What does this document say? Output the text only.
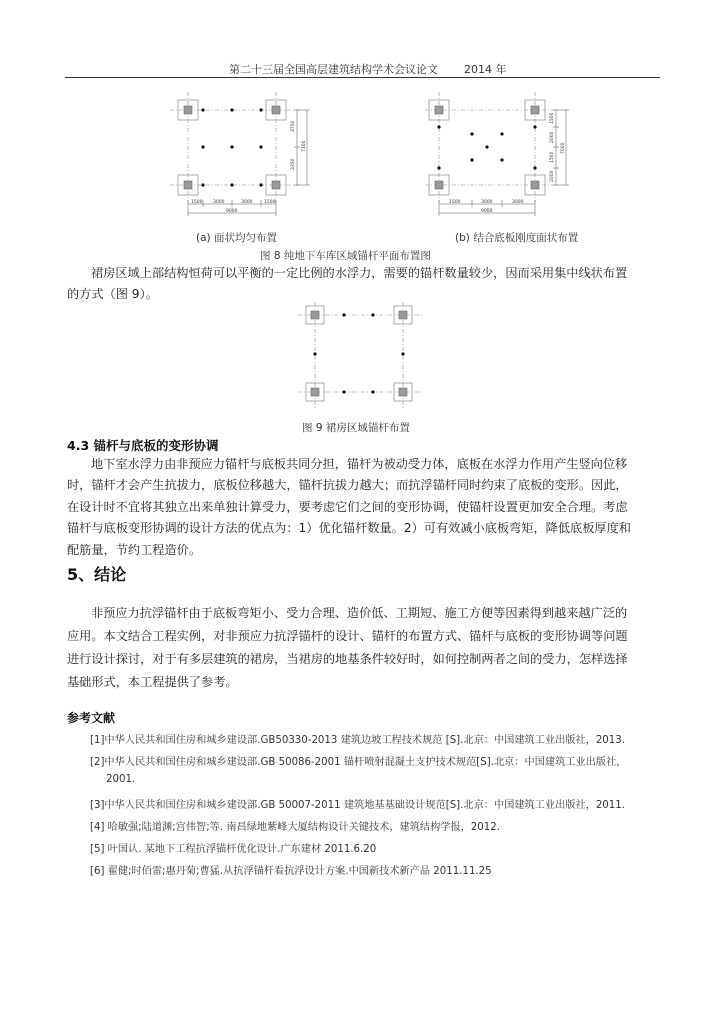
第二十三届全国高层建筑结构学术会议论文 2014 年
3750
3350
7100
1500 3000	3000	1500
9000
1500
2000
1500
2000
7000
1500	3000	3000
9000
(a) 面状均匀布置	(b) 结合底板刚度面状布置
图 8 纯地下车库区域锚杆平面布置图

裙房区域上部结构恒荷可以平衡的一定比例的水浮力，需要的锚杆数量较少，因而采用集中线状布置

的方式（图 9）。

图 9 裙房区域锚杆布置
4.3 锚杆与底板的变形协调

地下室水浮力由非预应力锚杆与底板共同分担，锚杆为被动受力体，底板在水浮力作用产生竖向位移

时，锚杆才会产生抗拔力，底板位移越大，锚杆抗拔力越大；而抗浮锚杆同时约束了底板的变形。因此，

在设计时不宜将其独立出来单独计算受力，要考虑它们之间的变形协调，使锚杆设置更加安全合理。考虑

锚杆与底板变形协调的设计方法的优点为：1）优化锚杆数量。2）可有效减小底板弯矩，降低底板厚度和

配筋量，节约工程造价。

5、结论

非预应力抗浮锚杆由于底板弯矩小、受力合理、造价低、工期短、施工方便等因素得到越来越广泛的

应用。本文结合工程实例，对非预应力抗浮锚杆的设计、锚杆的布置方式、锚杆与底板的变形协调等问题

进行设计探讨，对于有多层建筑的裙房，当裙房的地基条件较好时，如何控制两者之间的受力，怎样选择

基础形式，本工程提供了参考。

参考文献
[1]中华人民共和国住房和城乡建设部.GB50330-2013 建筑边坡工程技术规范 [S].北京：中国建筑工业出版社，2013.
[2]中华人民共和国住房和城乡建设部.GB 50086-2001 锚杆喷射混凝土支护技术规范[S].北京：中国建筑工业出版社，
2001.
[3]中华人民共和国住房和城乡建设部.GB 50007-2011 建筑地基基础设计规范[S].北京：中国建筑工业出版社，2011.
[4] 哈敏强;陆道渊;宫伟智;等. 南昌绿地紫峰大厦结构设计关键技术，建筑结构学报，2012.
[5] 叶国认. 某地下工程抗浮锚杆优化设计.广东建材 2011.6.20
[6] 翟健;时佰雷;惠丹菊;曹猛.从抗浮锚杆看抗浮设计方案.中国新技术新产品 2011.11.25
